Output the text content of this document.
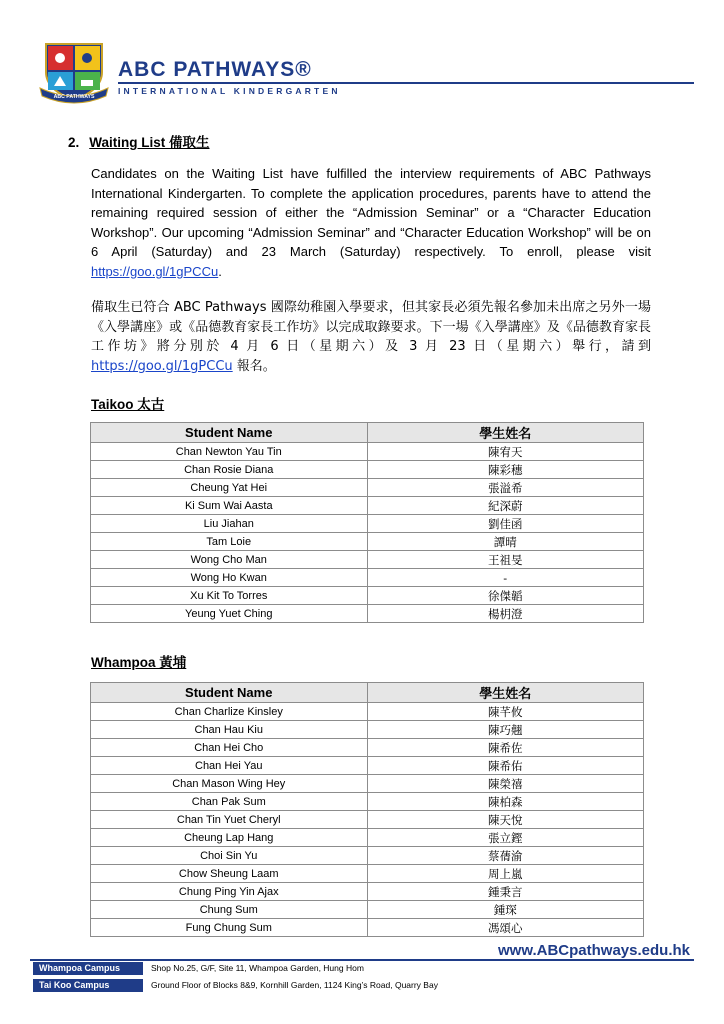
ABC PATHWAYS
ABC PATHWAYS®
INTERNATIONAL KINDERGARTEN
2. Waiting List 備取生
Candidates on the Waiting List have fulfilled the interview requirements of ABC Pathways International Kindergarten. To complete the application procedures, parents have to attend the remaining required session of either the “Admission Seminar” or a “Character Education Workshop”. Our upcoming “Admission Seminar” and “Character Education Workshop” will be on 6 April (Saturday) and 23 March (Saturday) respectively. To enroll, please visit https://goo.gl/1gPCCu.
備取生已符合 ABC Pathways 國際幼稚園入學要求，但其家長必須先報名參加未出席之另外一場《入學講座》或《品德教育家長工作坊》以完成取錄要求。下一場《入學講座》及《品德教育家長工作坊》將分別於 4 月 6 日（星期六）及 3 月 23 日（星期六）舉行，請到 https://goo.gl/1gPCCu 報名。
Taikoo 太古
Student Name	學生姓名
Chan Newton Yau Tin	陳宥天
Chan Rosie Diana	陳彩穗
Cheung Yat Hei	張溢希
Ki Sum Wai Aasta	紀深蔚
Liu Jiahan	劉佳函
Tam Loie	譚晴
Wong Cho Man	王祖旻
Wong Ho Kwan	-
Xu Kit To Torres	徐傑韜
Yeung Yuet Ching	楊枂澄
Whampoa 黃埔
Student Name	學生姓名
Chan Charlize Kinsley	陳芊攸
Chan Hau Kiu	陳巧翹
Chan Hei Cho	陳希佐
Chan Hei Yau	陳希佑
Chan Mason Wing Hey	陳榮禧
Chan Pak Sum	陳柏森
Chan Tin Yuet Cheryl	陳天悅
Cheung Lap Hang	張立鏗
Choi Sin Yu	蔡蒨渝
Chow Sheung Laam	周上嵐
Chung Ping Yin Ajax	鍾秉言
Chung Sum	鍾琛
Fung Chung Sum	馮頌心
www.ABCpathways.edu.hk
Whampoa Campus	Shop No.25, G/F, Site 11, Whampoa Garden, Hung Hom
Tai Koo Campus	Ground Floor of Blocks 8&9, Kornhill Garden, 1124 King’s Road, Quarry Bay
